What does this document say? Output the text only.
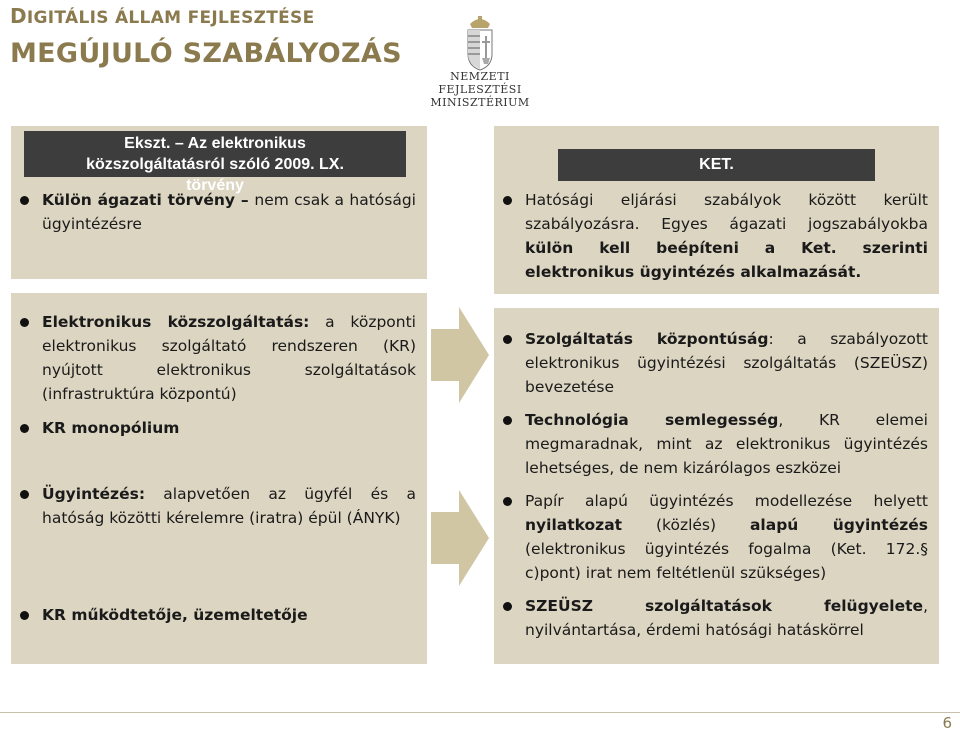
DIGITÁLIS ÁLLAM FEJLESZTÉSE
MEGÚJULÓ SZABÁLYOZÁS
NEMZETI FEJLESZTÉSI
MINISZTÉRIUM
Ekszt. – Az elektronikus közszolgáltatásról szóló 2009. LX. törvény
Külön ágazati törvény – nem csak a hatósági ügyintézésre
Elektronikus közszolgáltatás: a központi elektronikus szolgáltató rendszeren (KR) nyújtott elektronikus szolgáltatások (infrastruktúra központú)
KR monopólium
Ügyintézés: alapvetően az ügyfél és a hatóság közötti kérelemre (iratra) épül (ÁNYK)
KR működtetője, üzemeltetője
KET.
Hatósági eljárási szabályok között került szabályozásra. Egyes ágazati jogszabályokba külön kell beépíteni a Ket. szerinti elektronikus ügyintézés alkalmazását.
Szolgáltatás központúság: a szabályozott elektronikus ügyintézési szolgáltatás (SZEÜSZ) bevezetése
Technológia semlegesség, KR elemei megmaradnak, mint az elektronikus ügyintézés lehetséges, de nem kizárólagos eszközei
Papír alapú ügyintézés modellezése helyett nyilatkozat (közlés) alapú ügyintézés (elektronikus ügyintézés fogalma (Ket. 172.§ c)pont) irat nem feltétlenül szükséges)
SZEÜSZ szolgáltatások felügyelete, nyilvántartása, érdemi hatósági hatáskörrel
6
